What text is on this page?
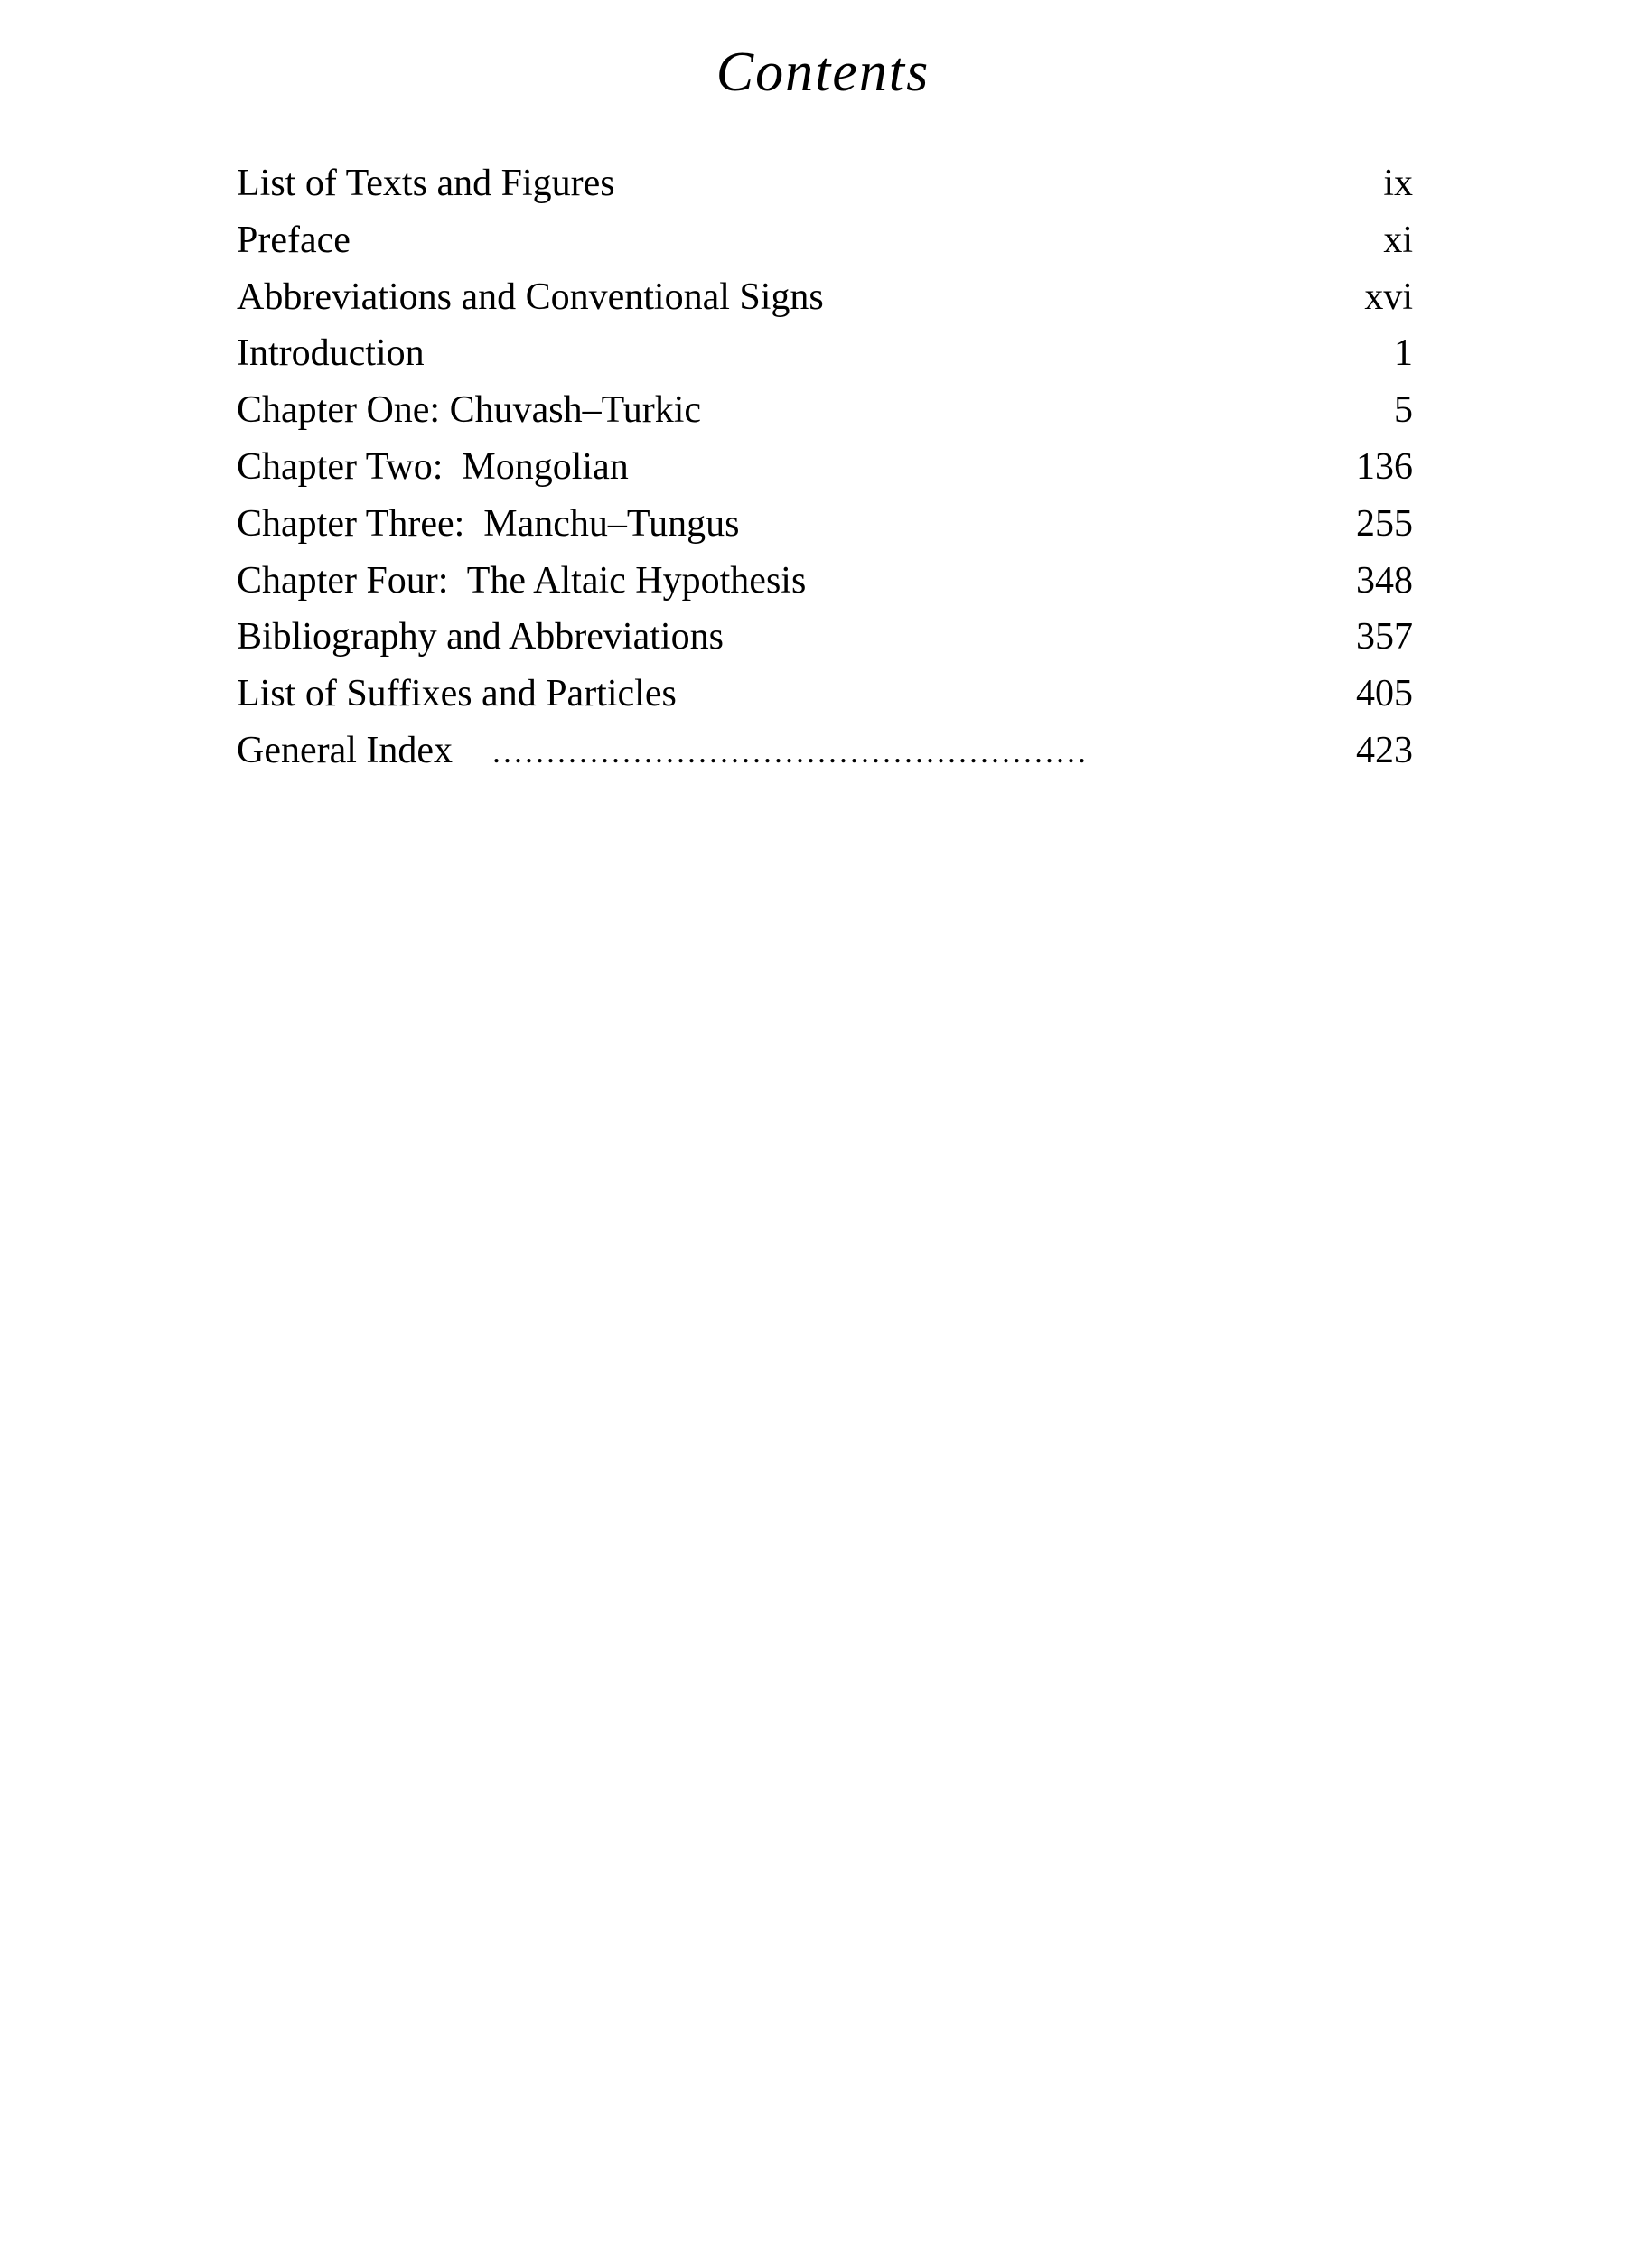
Contents
List of Texts and Figures	ix
Preface	xi
Abbreviations and Conventional Signs	xvi
Introduction	1
Chapter One: Chuvash–Turkic	5
Chapter Two:  Mongolian	136
Chapter Three:  Manchu–Tungus	255
Chapter Four:  The Altaic Hypothesis	348
Bibliography and Abbreviations	357
List of Suffixes and Particles	405
General Index .......................................................	423
